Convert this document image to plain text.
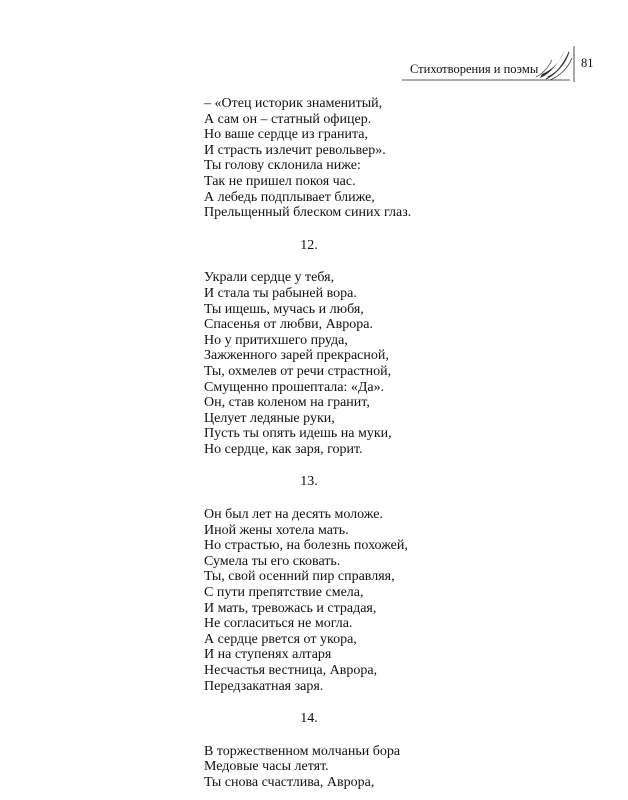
Стихотворения и поэмы	81
– «Отец историк знаменитый,
А сам он – статный офицер.
Но ваше сердце из гранита,
И страсть излечит револьвер».
Ты голову склонила ниже:
Так не пришел покоя час.
А лебедь подплывает ближе,
Прельщенный блеском синих глаз.
12.
Украли сердце у тебя,
И стала ты рабыней вора.
Ты ищешь, мучась и любя,
Спасенья от любви, Аврора.
Но у притихшего пруда,
Зажженного зарей прекрасной,
Ты, охмелев от речи страстной,
Смущенно прошептала: «Да».
Он, став коленом на гранит,
Целует ледяные руки,
Пусть ты опять идешь на муки,
Но сердце, как заря, горит.
13.
Он был лет на десять моложе.
Иной жены хотела мать.
Но страстью, на болезнь похожей,
Сумела ты его сковать.
Ты, свой осенний пир справляя,
С пути препятствие смела,
И мать, тревожась и страдая,
Не согласиться не могла.
А сердце рвется от укора,
И на ступенях алтаря
Несчастья вестница, Аврора,
Передзакатная заря.
14.
В торжественном молчаньи бора
Медовые часы летят.
Ты снова счастлива, Аврора,
